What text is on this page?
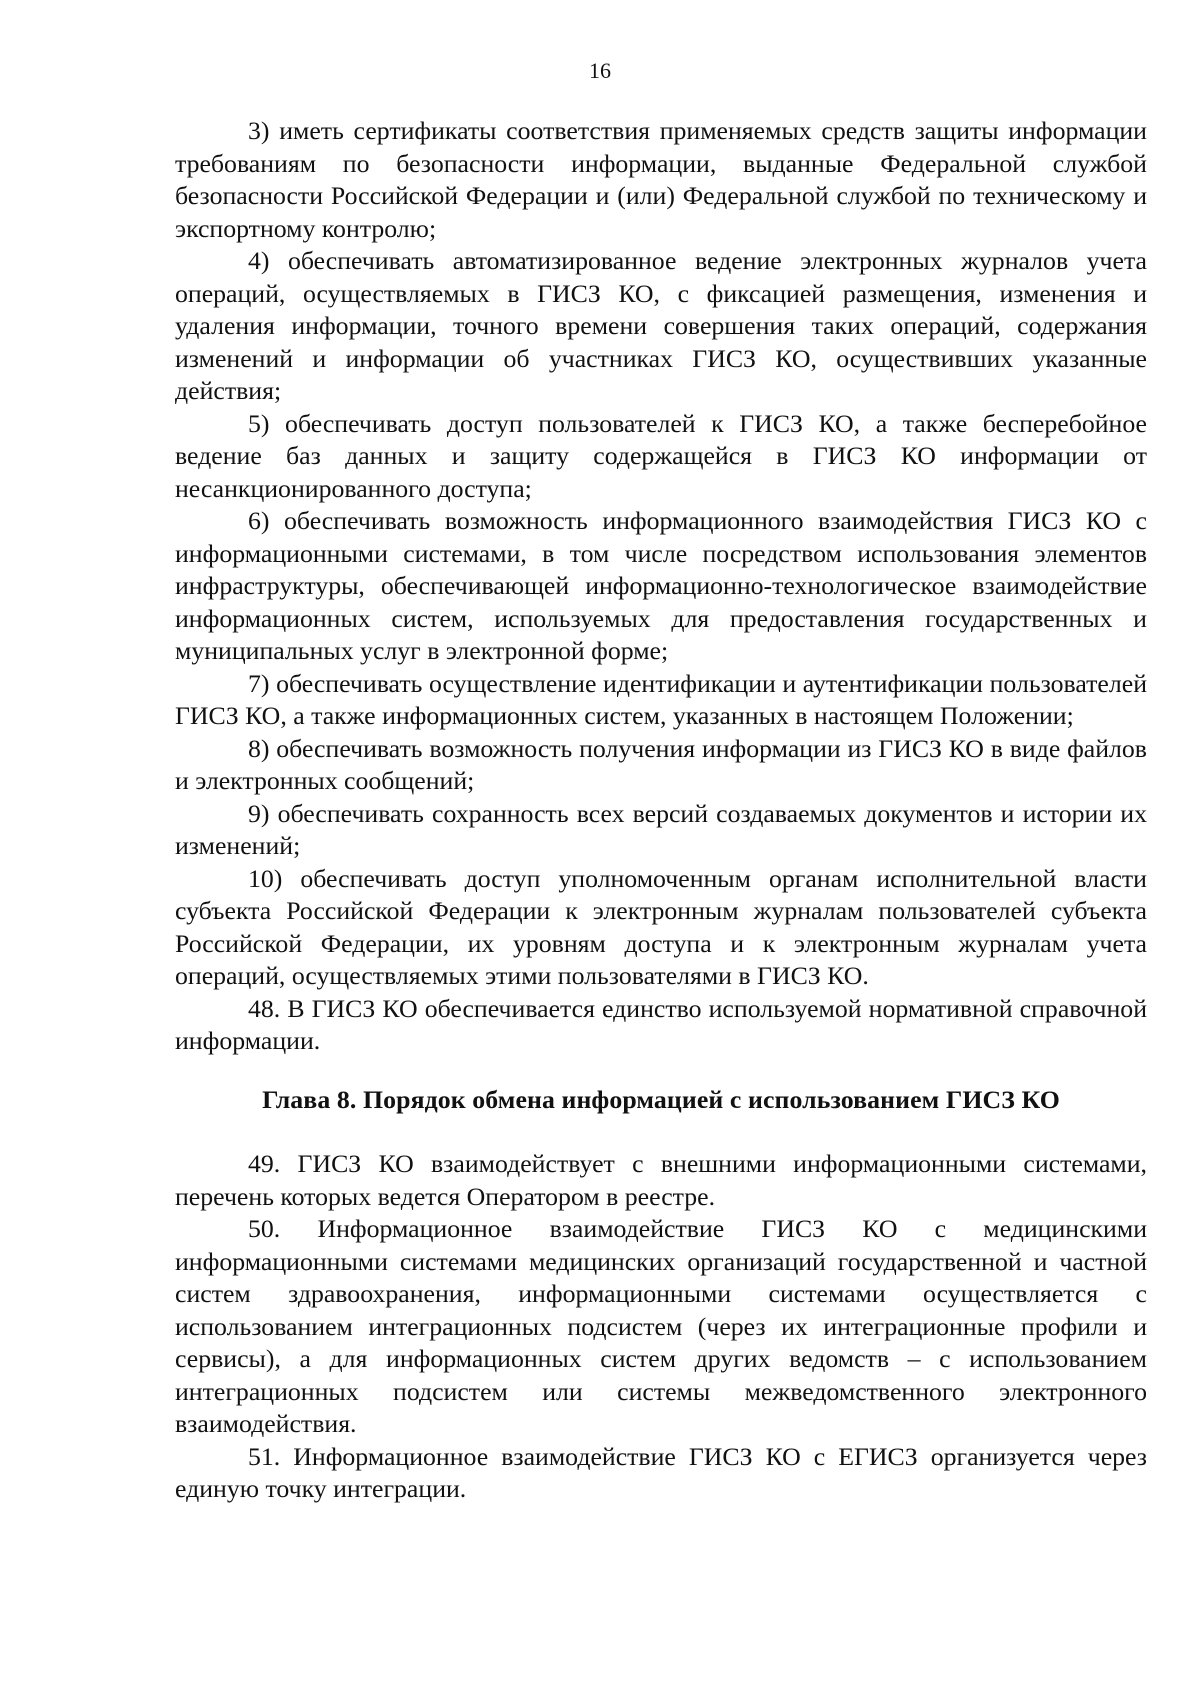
16

3) иметь сертификаты соответствия применяемых средств защиты информации требованиям по безопасности информации, выданные Федеральной службой безопасности Российской Федерации и (или) Федеральной службой по техническому и экспортному контролю;

4) обеспечивать автоматизированное ведение электронных журналов учета операций, осуществляемых в ГИСЗ КО, с фиксацией размещения, изменения и удаления информации, точного времени совершения таких операций, содержания изменений и информации об участниках ГИСЗ КО, осуществивших указанные действия;

5) обеспечивать доступ пользователей к ГИСЗ КО, а также бесперебойное ведение баз данных и защиту содержащейся в ГИСЗ КО информации от несанкционированного доступа;

6) обеспечивать возможность информационного взаимодействия ГИСЗ КО с информационными системами, в том числе посредством использования элементов инфраструктуры, обеспечивающей информационно-технологическое взаимодействие информационных систем, используемых для предоставления государственных и муниципальных услуг в электронной форме;

7) обеспечивать осуществление идентификации и аутентификации пользователей ГИСЗ КО, а также информационных систем, указанных в настоящем Положении;

8) обеспечивать возможность получения информации из ГИСЗ КО в виде файлов и электронных сообщений;

9) обеспечивать сохранность всех версий создаваемых документов и истории их изменений;

10) обеспечивать доступ уполномоченным органам исполнительной власти субъекта Российской Федерации к электронным журналам пользователей субъекта Российской Федерации, их уровням доступа и к электронным журналам учета операций, осуществляемых этими пользователями в ГИСЗ КО.

48. В ГИСЗ КО обеспечивается единство используемой нормативной справочной информации.

Глава 8. Порядок обмена информацией с использованием ГИСЗ КО

49. ГИСЗ КО взаимодействует с внешними информационными системами, перечень которых ведется Оператором в реестре.

50. Информационное взаимодействие ГИСЗ КО с медицинскими информационными системами медицинских организаций государственной и частной систем здравоохранения, информационными системами осуществляется с использованием интеграционных подсистем (через их интеграционные профили и сервисы), а для информационных систем других ведомств – с использованием интеграционных подсистем или системы межведомственного электронного взаимодействия.

51. Информационное взаимодействие ГИСЗ КО с ЕГИСЗ организуется через единую точку интеграции.
